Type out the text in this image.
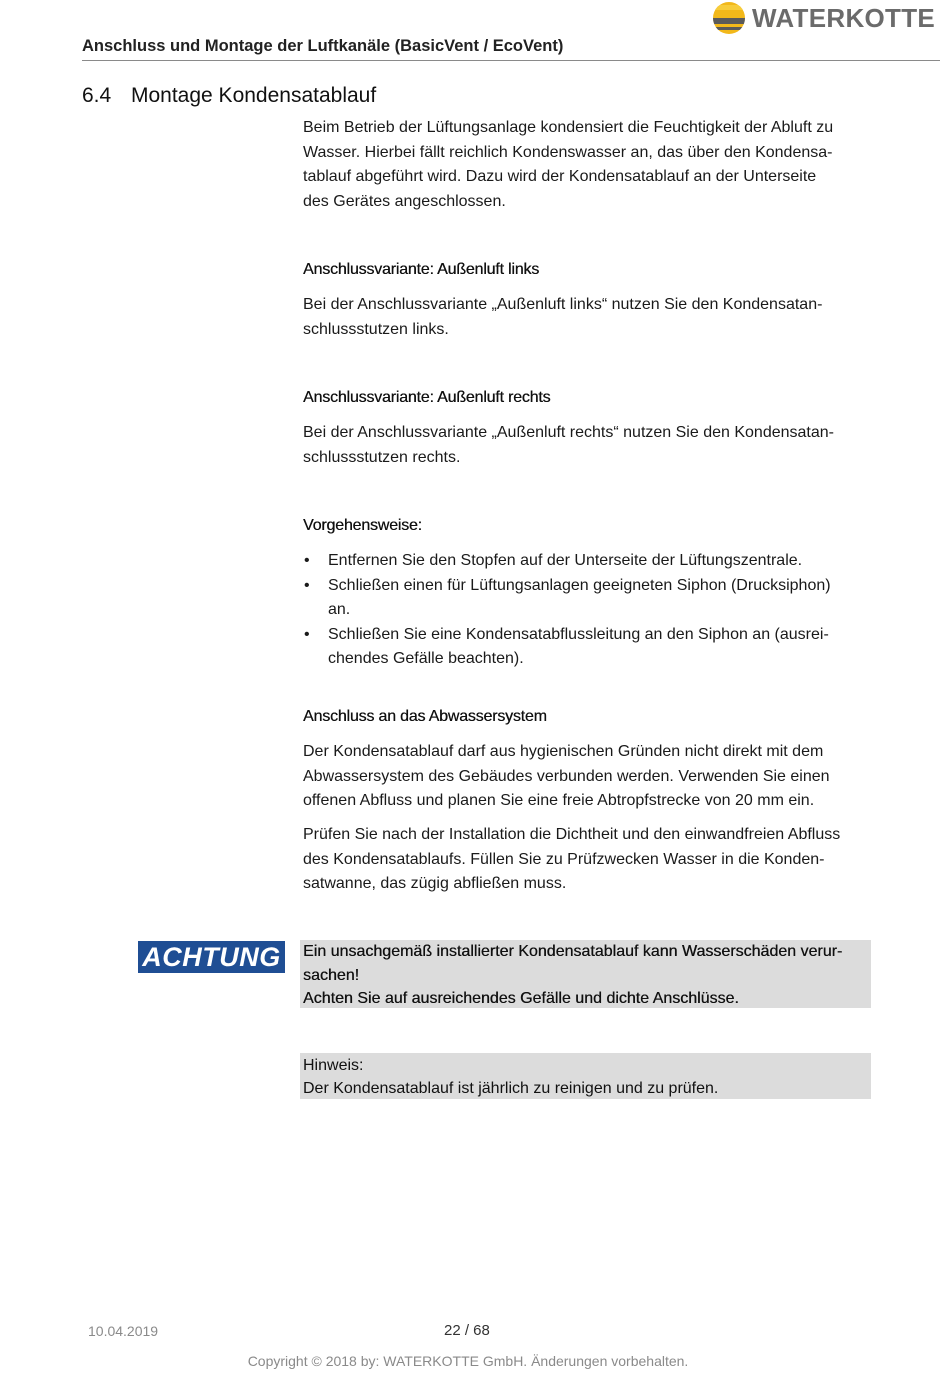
WATERKOTTE
Anschluss und Montage der Luftkanäle (BasicVent / EcoVent)
6.4 Montage Kondensatablauf

Beim Betrieb der Lüftungsanlage kondensiert die Feuchtigkeit der Abluft zu
Wasser. Hierbei fällt reichlich Kondenswasser an, das über den Kondensa-
tablauf abgeführt wird. Dazu wird der Kondensatablauf an der Unterseite
des Gerätes angeschlossen.

Anschlussvariante: Außenluft links

Bei der Anschlussvariante „Außenluft links“ nutzen Sie den Kondensatan-
schlussstutzen links.

Anschlussvariante: Außenluft rechts

Bei der Anschlussvariante „Außenluft rechts“ nutzen Sie den Kondensatan-
schlussstutzen rechts.

Vorgehensweise:
• Entfernen Sie den Stopfen auf der Unterseite der Lüftungszentrale.
• Schließen einen für Lüftungsanlagen geeigneten Siphon (Drucksiphon)
an.
• Schließen Sie eine Kondensatabflussleitung an den Siphon an (ausrei-
chendes Gefälle beachten).
Anschluss an das Abwassersystem

Der Kondensatablauf darf aus hygienischen Gründen nicht direkt mit dem
Abwassersystem des Gebäudes verbunden werden. Verwenden Sie einen
offenen Abfluss und planen Sie eine freie Abtropfstrecke von 20 mm ein.

Prüfen Sie nach der Installation die Dichtheit und den einwandfreien Abfluss
des Kondensatablaufs. Füllen Sie zu Prüfzwecken Wasser in die Konden-
satwanne, das zügig abfließen muss.

ACHTUNG Ein unsachgemäß installierter Kondensatablauf kann Wasserschäden verur-
sachen!
Achten Sie auf ausreichendes Gefälle und dichte Anschlüsse.
Hinweis:
Der Kondensatablauf ist jährlich zu reinigen und zu prüfen.
10.04.2019	22 / 68
Copyright © 2018 by: WATERKOTTE GmbH. Änderungen vorbehalten.
